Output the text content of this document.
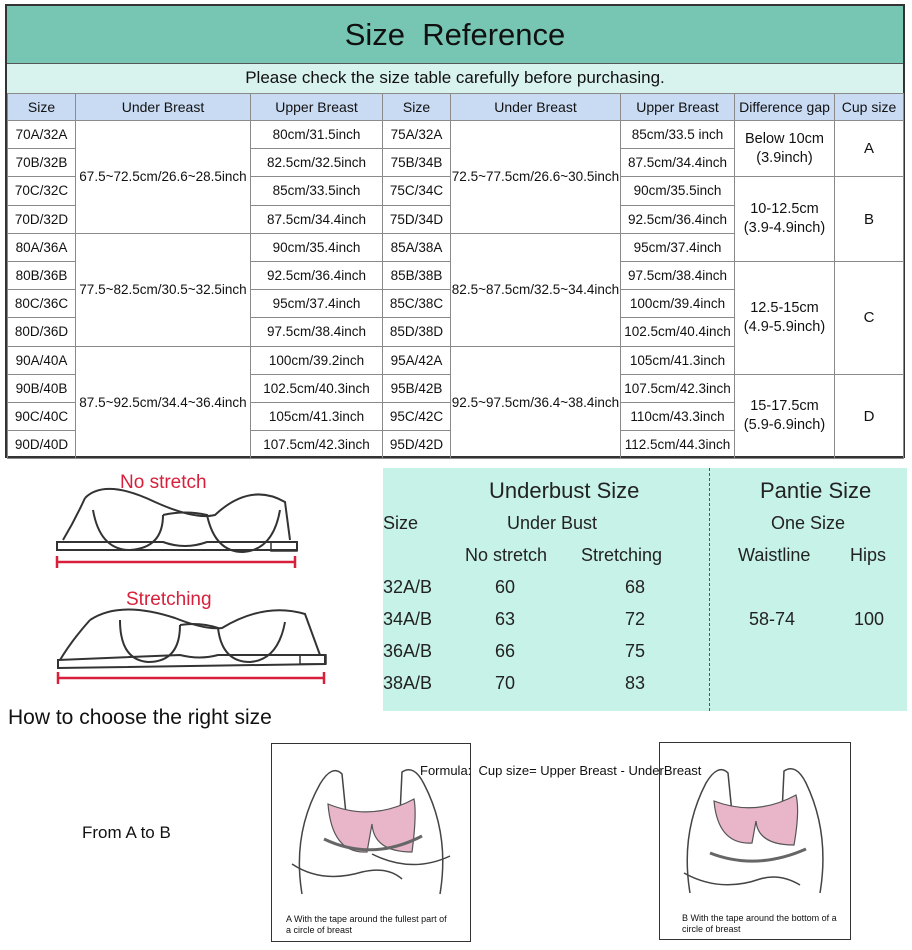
Size  Reference
Please check the size table carefully before purchasing.
Size	Under Breast	Upper Breast	Size	Under Breast	Upper Breast	Difference gap	Cup size
70A/32A	67.5~72.5cm/26.6~28.5inch	80cm/31.5inch	75A/32A	72.5~77.5cm/26.6~30.5inch	85cm/33.5 inch	Below 10cm (3.9inch)	A
70B/32B		82.5cm/32.5inch	75B/34B		87.5cm/34.4inch		
70C/32C		85cm/33.5inch	75C/34C		90cm/35.5inch	10-12.5cm (3.9-4.9inch)	B
70D/32D		87.5cm/34.4inch	75D/34D		92.5cm/36.4inch		
80A/36A	77.5~82.5cm/30.5~32.5inch	90cm/35.4inch	85A/38A	82.5~87.5cm/32.5~34.4inch	95cm/37.4inch		
80B/36B		92.5cm/36.4inch	85B/38B		97.5cm/38.4inch	12.5-15cm (4.9-5.9inch)	C
80C/36C		95cm/37.4inch	85C/38C		100cm/39.4inch		
80D/36D		97.5cm/38.4inch	85D/38D		102.5cm/40.4inch		
90A/40A	87.5~92.5cm/34.4~36.4inch	100cm/39.2inch	95A/42A	92.5~97.5cm/36.4~38.4inch	105cm/41.3inch		
90B/40B		102.5cm/40.3inch	95B/42B		107.5cm/42.3inch	15-17.5cm (5.9-6.9inch)	D
90C/40C		105cm/41.3inch	95C/42C		110cm/43.3inch		
90D/40D		107.5cm/42.3inch	95D/42D		112.5cm/44.3inch		
No stretch
Stretching
Underbust Size
Size	Under Bust
No stretch Stretching
32A/B	60	68
34A/B	63	72
36A/B	66	75
38A/B	70	83
Pantie Size
One Size
Waistline Hips
58-74	100
How to choose the right size
From A to B
A With the tape around the fullest part of
a circle of breast
B With the tape around the bottom of a
circle of breast
Formula:  Cup size= Upper Breast - UnderBreast
